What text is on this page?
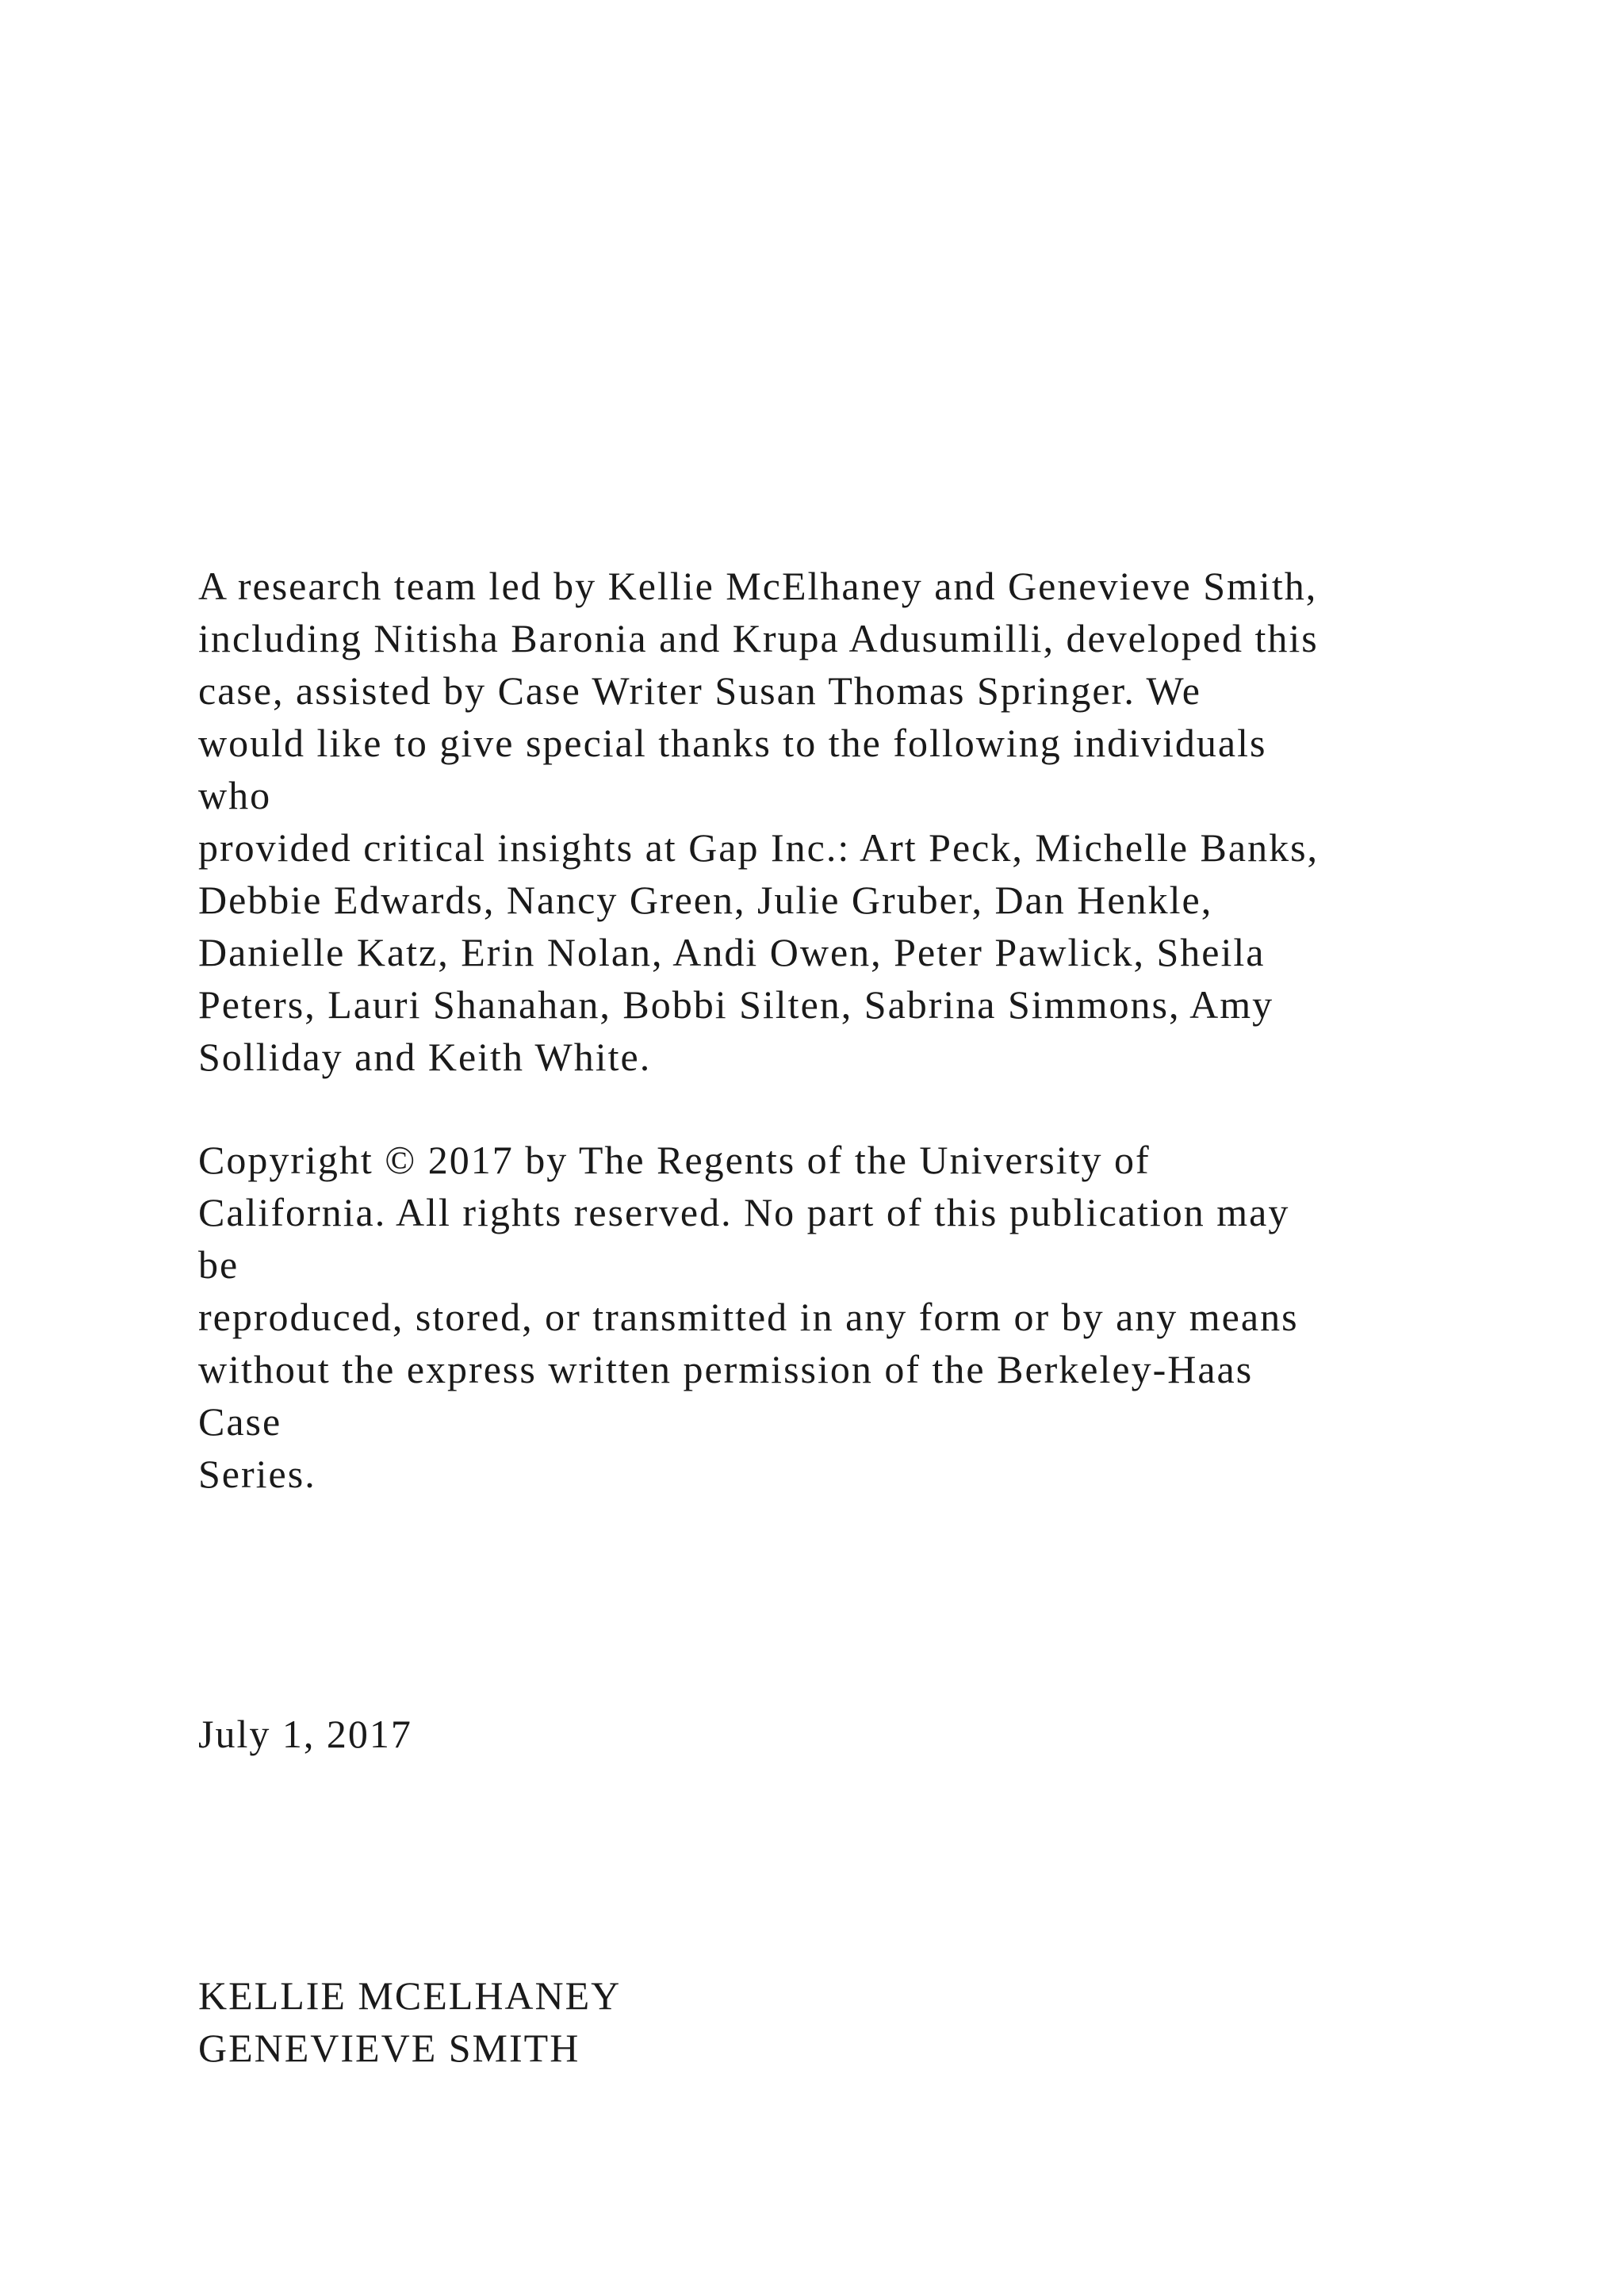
A research team led by Kellie McElhaney and Genevieve Smith,
including Nitisha Baronia and Krupa Adusumilli, developed this
case, assisted by Case Writer Susan Thomas Springer. We
would like to give special thanks to the following individuals
who
provided critical insights at Gap Inc.: Art Peck, Michelle Banks,
Debbie Edwards, Nancy Green, Julie Gruber, Dan Henkle,
Danielle Katz, Erin Nolan, Andi Owen, Peter Pawlick, Sheila
Peters, Lauri Shanahan, Bobbi Silten, Sabrina Simmons, Amy
Solliday and Keith White.
Copyright © 2017 by The Regents of the University of
California. All rights reserved. No part of this publication may
be
reproduced, stored, or transmitted in any form or by any means
without the express written permission of the Berkeley-Haas
Case
Series.
July 1, 2017
KELLIE MCELHANEY
GENEVIEVE SMITH
